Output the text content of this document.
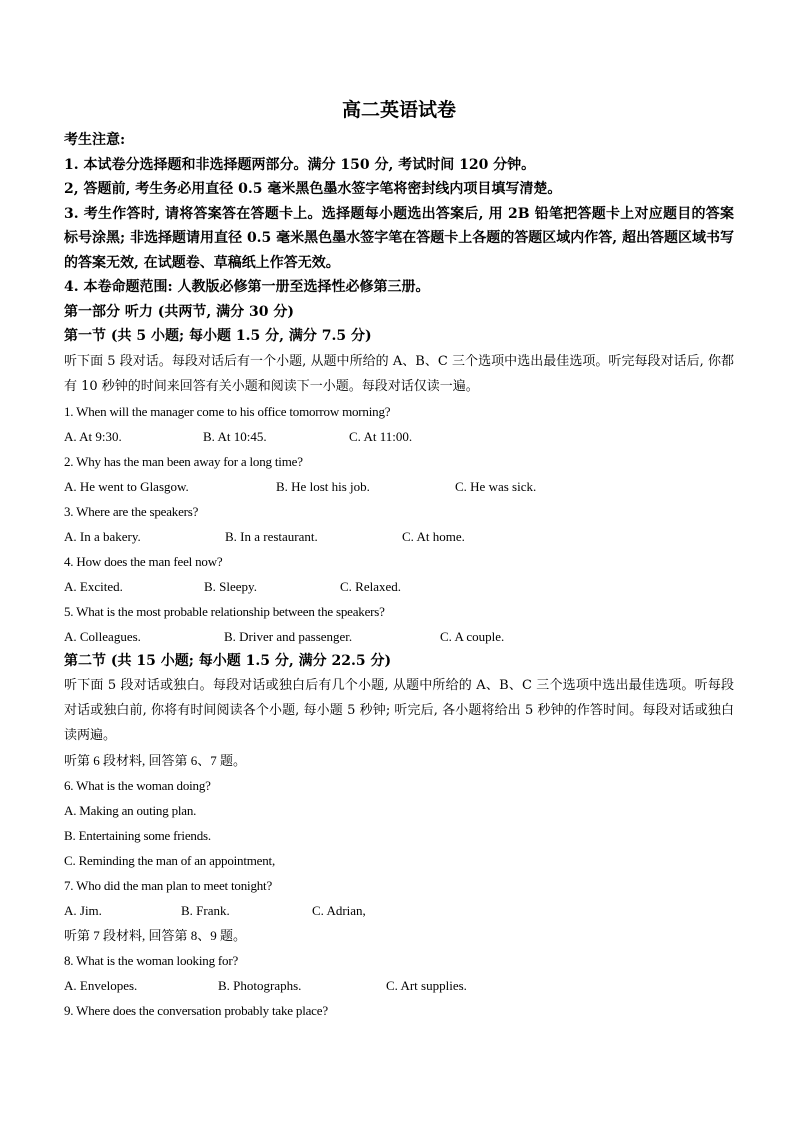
高二英语试卷
考生注意:
1. 本试卷分选择题和非选择题两部分。满分 150 分, 考试时间 120 分钟。
2, 答题前, 考生务必用直径 0.5 毫米黑色墨水签字笔将密封线内项目填写清楚。
3. 考生作答时, 请将答案答在答题卡上。选择题每小题选出答案后, 用 2B 铅笔把答题卡上对应题目的答案标号涂黑; 非选择题请用直径 0.5 毫米黑色墨水签字笔在答题卡上各题的答题区域内作答, 超出答题区域书写的答案无效, 在试题卷、草稿纸上作答无效。
4. 本卷命题范围: 人教版必修第一册至选择性必修第三册。
第一部分 听力 (共两节, 满分 30 分)
第一节 (共 5 小题; 每小题 1.5 分, 满分 7.5 分)
听下面 5 段对话。每段对话后有一个小题, 从题中所给的 A、B、C 三个选项中选出最佳选项。听完每段对话后, 你都有 10 秒钟的时间来回答有关小题和阅读下一小题。每段对话仅读一遍。
1. When will the manager come to his office tomorrow morning?
A. At 9:30.	B. At 10:45.	C. At 11:00.
2. Why has the man been away for a long time?
A. He went to Glasgow.	B. He lost his job.	C. He was sick.
3. Where are the speakers?
A. In a bakery.	B. In a restaurant.	C. At home.
4. How does the man feel now?
A. Excited.	B. Sleepy.	C. Relaxed.
5. What is the most probable relationship between the speakers?
A. Colleagues.	B. Driver and passenger.	C. A couple.
第二节 (共 15 小题; 每小题 1.5 分, 满分 22.5 分)
听下面 5 段对话或独白。每段对话或独白后有几个小题, 从题中所给的 A、B、C 三个选项中选出最佳选项。听每段对话或独白前, 你将有时间阅读各个小题, 每小题 5 秒钟; 听完后, 各小题将给出 5 秒钟的作答时间。每段对话或独白读两遍。
听第 6 段材料, 回答第 6、7 题。
6. What is the woman doing?
A. Making an outing plan.
B. Entertaining some friends.
C. Reminding the man of an appointment,
7. Who did the man plan to meet tonight?
A. Jim.	B. Frank.	C. Adrian,
听第 7 段材料, 回答第 8、9 题。
8. What is the woman looking for?
A. Envelopes.	B. Photographs.	C. Art supplies.
9. Where does the conversation probably take place?
